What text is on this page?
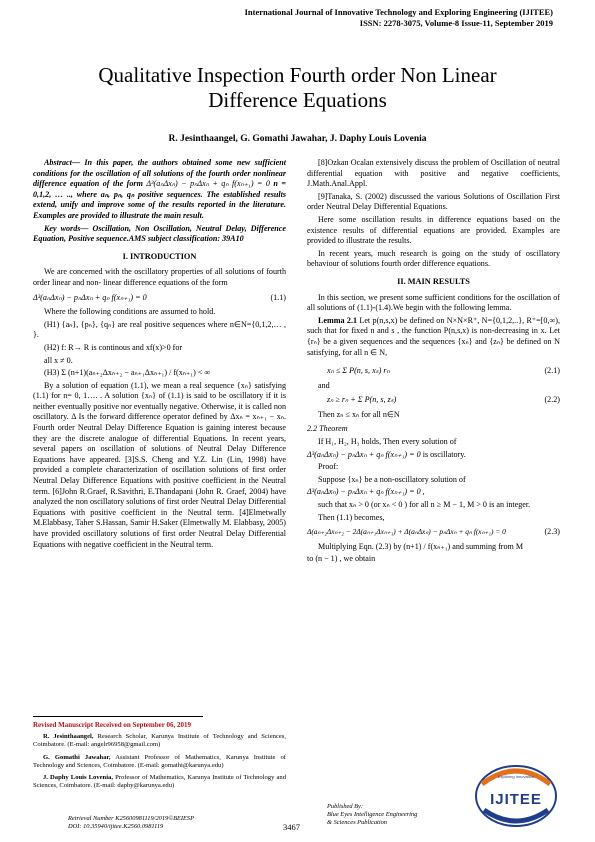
International Journal of Innovative Technology and Exploring Engineering (IJITEE)
ISSN: 2278-3075, Volume-8 Issue-11, September 2019
Qualitative Inspection Fourth order Non Linear
Difference Equations
R. Jesinthaangel, G. Gomathi Jawahar, J. Daphy Louis Lovenia

Abstract— In this paper, the authors obtained some new sufficient conditions for the oscillation of all solutions of the fourth order nonlinear difference equation of the form Δ³(aₙΔxₙ) − pₙΔxₙ + qₙ f(xₙ₊₁) = 0 n = 0,1,2, … .., where aₙ, pₙ, qₙ positive sequences. The established results extend, unify and improve some of the results reported in the literature. Examples are provided to illustrate the main result.

Key words— Oscillation, Non Oscillation, Neutral Delay, Difference Equation, Positive sequence.AMS subject classification: 39A10

I. INTRODUCTION

We are concerned with the oscillatory properties of all solutions of fourth order linear and non- linear difference equations of the form

Δ³(aₙΔxₙ) − pₙΔxₙ + qₙ f(xₙ₊₁) = 0	(1.1)

Where the following conditions are assumed to hold.

(H1) {aₙ}, {pₙ}, {qₙ} are real positive sequences where n∈N={0,1,2,… , }.

(H2) f: R→ R is continous and xf(x)>0 for

all x ≠ 0.

(H3) Σ (n+1)(aₙ₊₂Δxₙ₊₂ − aₙ₊₁Δxₙ₊₁) / f(xₙ₊₁) < ∞

By a solution of equation (1.1), we mean a real sequence {xₙ} satisfying (1.1) for n= 0, 1…. . A solution {xₙ} of (1.1) is said to be oscillatory if it is neither eventually positive nor eventually negative. Otherwise, it is called non oscillatory. Δ Is the forward difference operator defined by Δxₙ = xₙ₊₁ − xₙ. Fourth order Neutral Delay Difference Equation is gaining interest because they are the discrete analogue of differential Equations. In recent years, several papers on oscillation of solutions of Neutral Delay Difference Equations have appeared. [3]S.S. Cheng and Y.Z. Lin (Lin, 1998) have provided a complete characterization of oscillation solutions of first order Neutral Delay Difference Equations with positive coefficient in the Neutral term. [6]John R.Graef, R.Savithri, E.Thandapani (John R. Graef, 2004) have analyzed the non oscillatory solutions of first order Neutral Delay Differential Equations with positive coefficient in the Neutral term. [4]Elmetwally M.Elabbasy, Taher S.Hassan, Samir H.Saker (Elmetwally M. Elabbasy, 2005) have provided oscillatory solutions of first order Neutral Delay Differential Equations with negative coefficient in the Neutral term.

Revised Manuscript Received on September 06, 2019

R. Jesinthaangel, Research Scholar, Karunya Institute of Technology and Sciences, Coimbatore. (E-mail: angelr96958@gmail.com)

G. Gomathi Jawahar, Assistant Professor of Mathematics, Karunya Institute of Technology and Sciences, Coimbatore. (E-mail: gomathi@karunya.edu)

J. Daphy Louis Lovenia, Professor of Mathematics, Karunya Institute of Technology and Sciences, Coimbatore. (E-mail: daphy@karunya.edu)

[8]Ozkan Ocalan extensively discuss the problem of Oscillation of neutral differential equation with positive and negative coefficients, J.Math.Anal.Appl.

[9]Tanaka, S. (2002) discussed the various Solutions of Oscillation First order Neutral Delay Differential Equations.

Here some oscillation results in difference equations based on the existence results of differential equations are provided. Examples are provided to illustrate the results.

In recent years, much research is going on the study of oscillatory behaviour of solutions fourth order difference equations.

II. MAIN RESULTS

In this section, we present some sufficient conditions for the oscillation of all solutions of (1.1)-(1.4).We begin with the following lemma.

Lemma 2.1 Let p(n,s,x) be defined on N×N×R⁺, N={0,1,2,..}, R⁺=[0,∞), such that for fixed n and s , the function P(n,s,x) is non-decreasing in x. Let {rₙ} be a given sequences and the sequences {xₙ} and {zₙ} be defined on N satisfying, for all n ∈ N,

xₙ ≤ Σ P(n, s, xₛ) rₙ	(2.1)

and

zₙ ≥ rₙ + Σ P(n, s, zₛ)	(2.2)

Then zₙ ≤ xₙ for all n∈N

2.2 Theorem

If H₁, H₂, H₃ holds, Then every solution of

Δ³(aₙΔxₙ) − pₙΔxₙ + qₙ f(xₙ₊₁) = 0 is oscillatory.

Proof:

Suppose {xₙ} be a non-oscillatory solution of

Δ³(aₙΔxₙ) − pₙΔxₙ + qₙ f(xₙ₊₁) = 0 ,

such that xₙ > 0 (or xₙ < 0 ) for all n ≥ M − 1, M > 0 is an integer.

Then (1.1) becomes,

Δ(aₙ₊₂Δxₙ₊₂ − 2Δ(aₙ₊₁Δxₙ₊₁) + Δ(aₙΔxₙ) − pₙΔxₙ + qₙ f(xₙ₊₁) = 0	(2.3)

Multiplying Eqn. (2.3) by (n+1) / f(xₙ₊₁) and summing from M

to (n − 1) , we obtain

Retrieval Number K25600981119/2019©BEIESP
DOI: 10.35940/ijitee.K2560.0981119	3467
Published By:
Blue Eyes Intelligence Engineering
& Sciences Publication
Exploring Innovation
IJITEE
